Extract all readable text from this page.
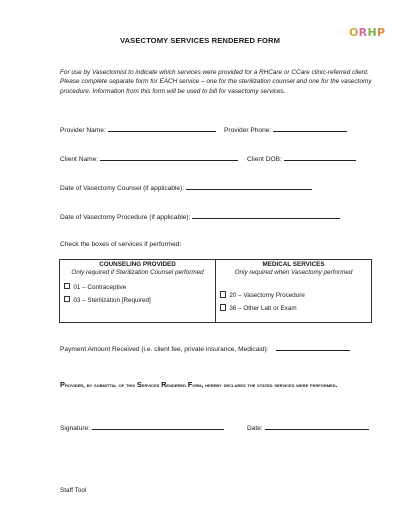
ORHP
VASECTOMY SERVICES RENDERED FORM
For use by Vasectomist to indicate which services were provided for a RHCare or CCare clinic-referred client. Please complete separate form for EACH service – one for the sterilization counsel and one for the vasectomy procedure. Information from this form will be used to bill for vasectomy services.
Provider Name:	Provider Phone:
Client Name:	Client DOB:
Date of Vasectomy Counsel (if applicable):
Date of Vasectomy Procedure (if applicable):
Check the boxes of services if performed:
COUNSELING PROVIDED
Only required if Sterilization Counsel performed
01 – Contraceptive
03 – Sterilization [Required]

MEDICAL SERVICES
Only required when Vasectomy performed
20 – Vasectomy Procedure
36 – Other Lab or Exam
Payment Amount Received (i.e. client fee, private insurance, Medicaid):
Provider, by submittal of this Services Rendered Form, hereby declares the stated services were performed.
Signature:	Date:
Staff Tool
